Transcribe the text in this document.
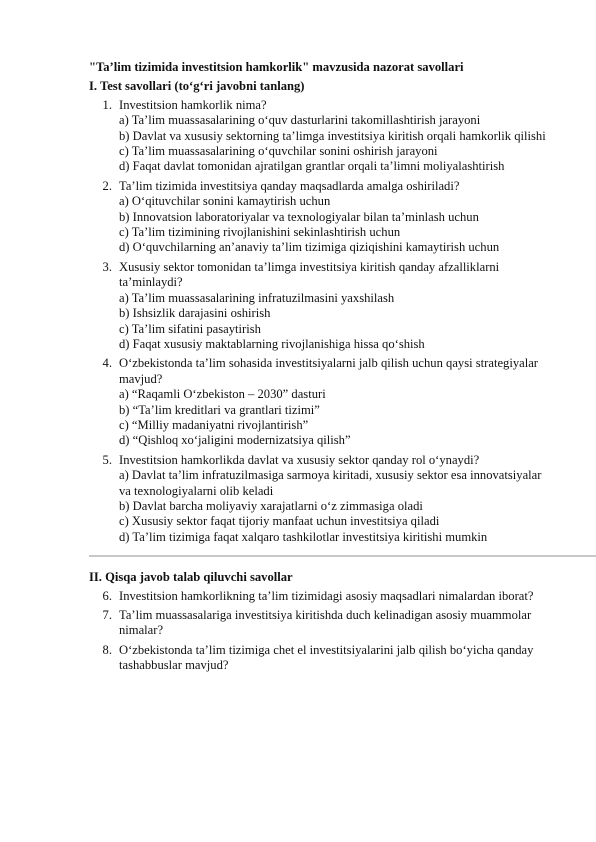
"Ta’lim tizimida investitsion hamkorlik" mavzusida nazorat savollari
I. Test savollari (to‘g‘ri javobni tanlang)
1. Investitsion hamkorlik nima?
a) Ta’lim muassasalarining o‘quv dasturlarini takomillashtirish jarayoni
b) Davlat va xususiy sektorning ta’limga investitsiya kiritish orqali hamkorlik qilishi
c) Ta’lim muassasalarining o‘quvchilar sonini oshirish jarayoni
d) Faqat davlat tomonidan ajratilgan grantlar orqali ta’limni moliyalashtirish
2. Ta’lim tizimida investitsiya qanday maqsadlarda amalga oshiriladi?
a) O‘qituvchilar sonini kamaytirish uchun
b) Innovatsion laboratoriyalar va texnologiyalar bilan ta’minlash uchun
c) Ta’lim tizimining rivojlanishini sekinlashtirish uchun
d) O‘quvchilarning an’anaviy ta’lim tizimiga qiziqishini kamaytirish uchun
3. Xususiy sektor tomonidan ta’limga investitsiya kiritish qanday afzalliklarni ta’minlaydi?
a) Ta’lim muassasalarining infratuzilmasini yaxshilash
b) Ishsizlik darajasini oshirish
c) Ta’lim sifatini pasaytirish
d) Faqat xususiy maktablarning rivojlanishiga hissa qo‘shish
4. O‘zbekistonda ta’lim sohasida investitsiyalarni jalb qilish uchun qaysi strategiyalar mavjud?
a) “Raqamli O‘zbekiston – 2030” dasturi
b) “Ta’lim kreditlari va grantlari tizimi”
c) “Milliy madaniyatni rivojlantirish”
d) “Qishloq xo‘jaligini modernizatsiya qilish”
5. Investitsion hamkorlikda davlat va xususiy sektor qanday rol o‘ynaydi?
a) Davlat ta’lim infratuzilmasiga sarmoya kiritadi, xususiy sektor esa innovatsiyalar va texnologiyalarni olib keladi
b) Davlat barcha moliyaviy xarajatlarni o‘z zimmasiga oladi
c) Xususiy sektor faqat tijoriy manfaat uchun investitsiya qiladi
d) Ta’lim tizimiga faqat xalqaro tashkilotlar investitsiya kiritishi mumkin
II. Qisqa javob talab qiluvchi savollar
6. Investitsion hamkorlikning ta’lim tizimidagi asosiy maqsadlari nimalardan iborat?
7. Ta’lim muassasalariga investitsiya kiritishda duch kelinadigan asosiy muammolar nimalar?
8. O‘zbekistonda ta’lim tizimiga chet el investitsiyalarini jalb qilish bo‘yicha qanday tashabbuslar mavjud?
